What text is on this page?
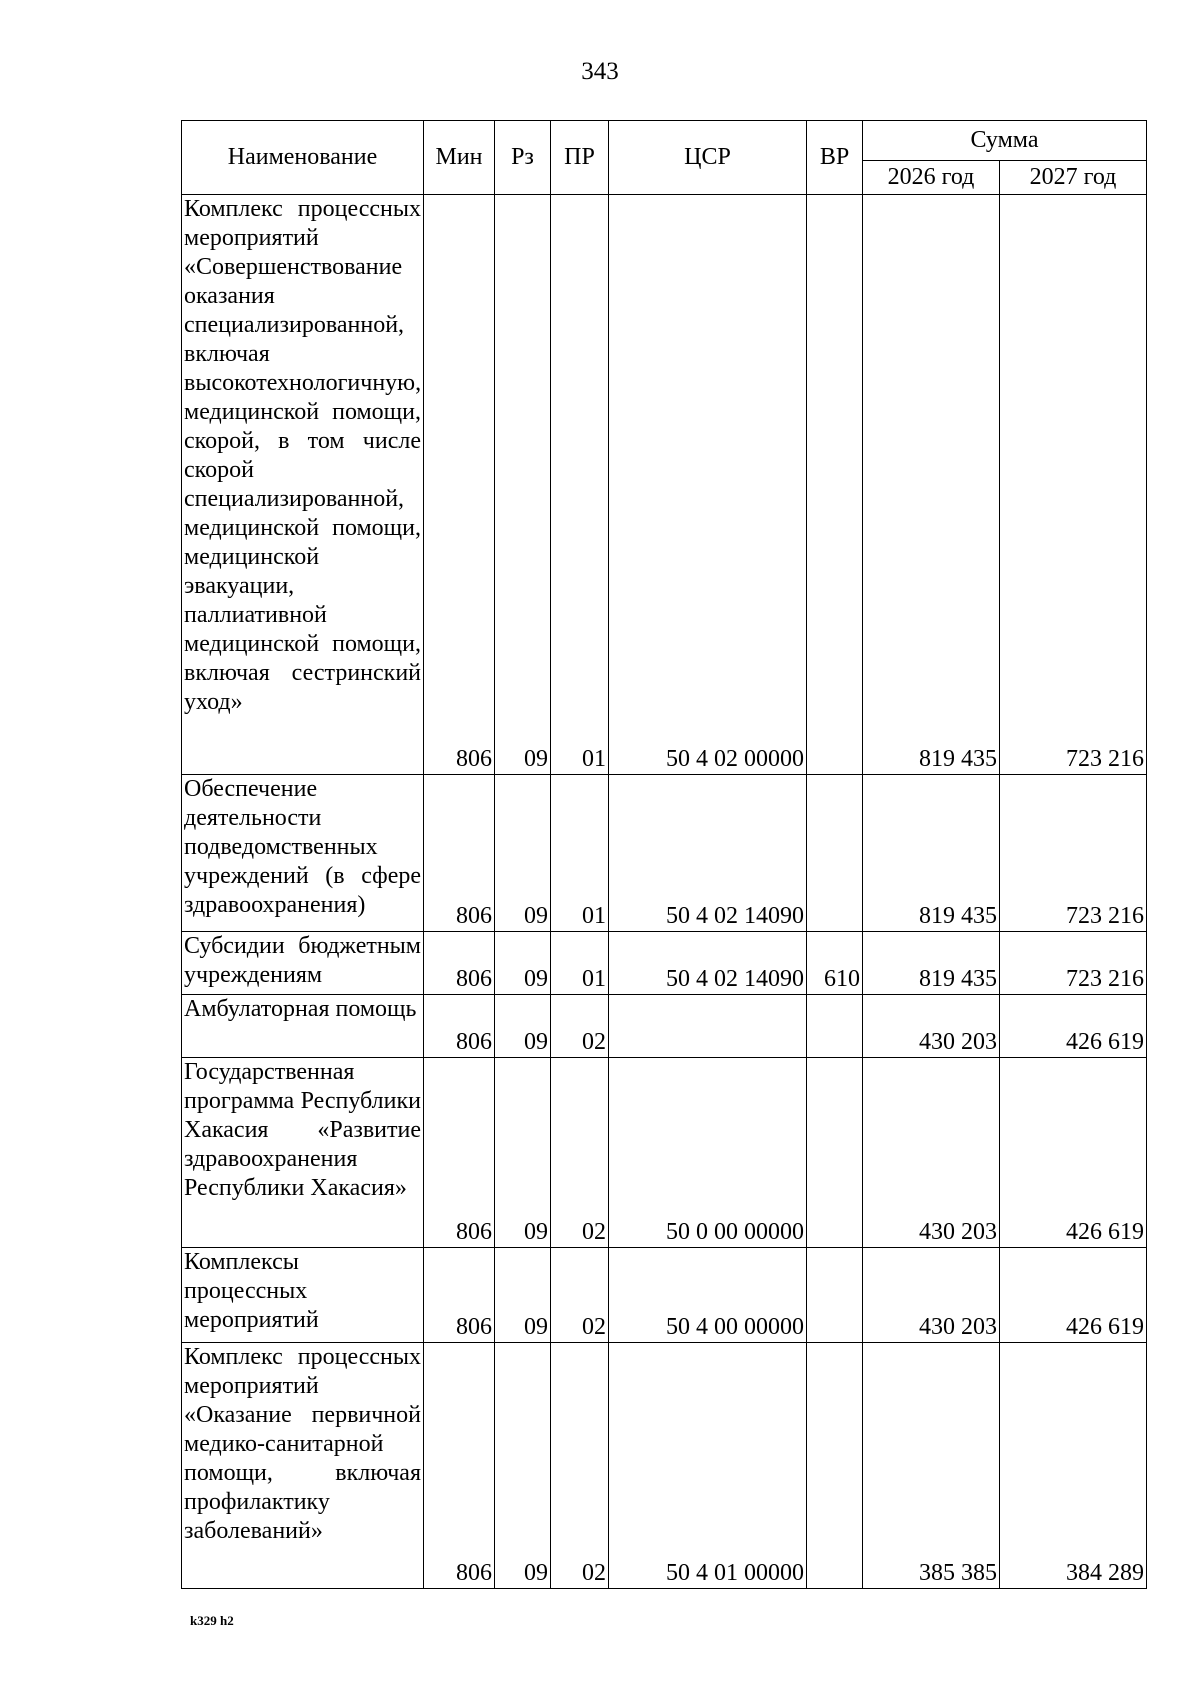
343
Наименование	Мин	Рз	ПР	ЦСР	ВР	Сумма	
						2026 год	2027 год
Комплекс процессных мероприятий «Совершенствование оказания специализированной, включая высокотехнологичную, медицинской помощи, скорой, в том числе скорой специализированной, медицинской помощи, медицинской эвакуации, паллиативной медицинской помощи, включая сестринский уход»	806	09	01	50 4 02 00000		819 435	723 216
Обеспечение деятельности подведомственных учреждений (в сфере здравоохранения)	806	09	01	50 4 02 14090		819 435	723 216
Субсидии бюджетным учреждениям	806	09	01	50 4 02 14090	610	819 435	723 216
Амбулаторная помощь	806	09	02			430 203	426 619
Государственная программа Республики Хакасия «Развитие здравоохранения Республики Хакасия»	806	09	02	50 0 00 00000		430 203	426 619
Комплексы процессных мероприятий	806	09	02	50 4 00 00000		430 203	426 619
Комплекс процессных мероприятий «Оказание первичной медико-санитарной помощи, включая профилактику заболеваний»	806	09	02	50 4 01 00000		385 385	384 289
k329 h2
